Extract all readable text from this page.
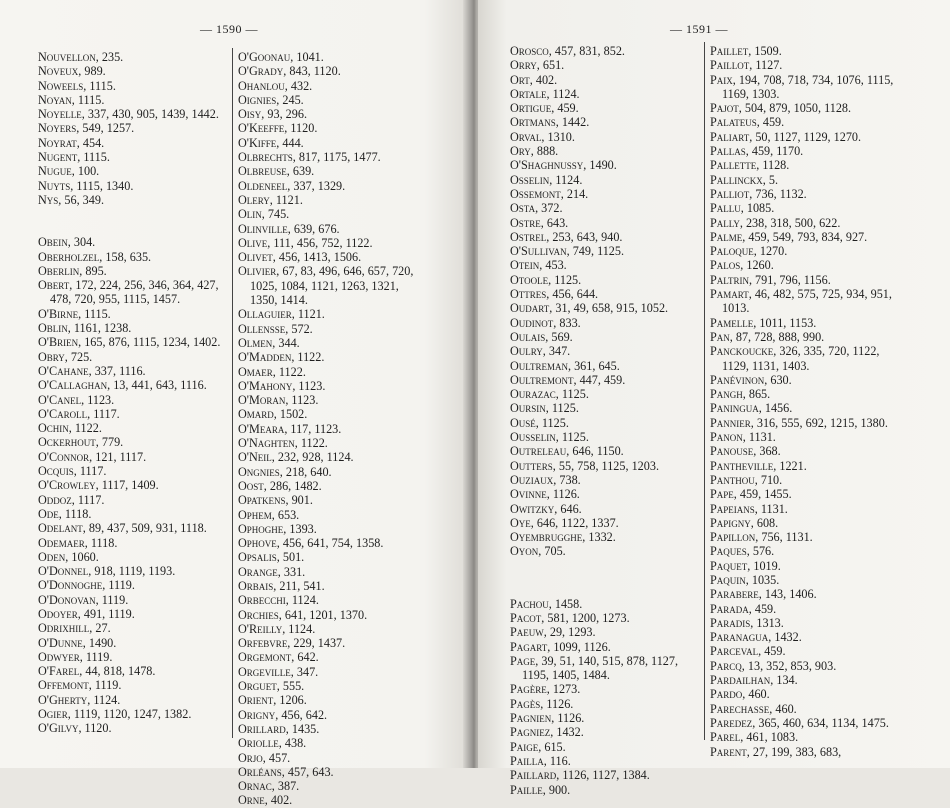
— 1590 —
Nouvellon, 235.
Noveux, 989.
Noweels, 1115.
Noyan, 1115.
Noyelle, 337, 430, 905, 1439, 1442.
Noyers, 549, 1257.
Noyrat, 454.
Nugent, 1115.
Nugue, 100.
Nuyts, 1115, 1340.
Nys, 56, 349.
Obein, 304.
Oberholzel, 158, 635.
Oberlin, 895.
Obert, 172, 224, 256, 346, 364, 427, 478, 720, 955, 1115, 1457.
O'Birne, 1115.
Oblin, 1161, 1238.
O'Brien, 165, 876, 1115, 1234, 1402.
Obry, 725.
O'Cahane, 337, 1116.
O'Callaghan, 13, 441, 643, 1116.
O'Canel, 1123.
O'Caroll, 1117.
Ochin, 1122.
Ockerhout, 779.
O'Connor, 121, 1117.
Ocquis, 1117.
O'Crowley, 1117, 1409.
Oddoz, 1117.
Ode, 1118.
Odelant, 89, 437, 509, 931, 1118.
Odemaer, 1118.
Oden, 1060.
O'Donnel, 918, 1119, 1193.
O'Donnoghe, 1119.
O'Donovan, 1119.
Odoyer, 491, 1119.
Odrixhill, 27.
O'Dunne, 1490.
Odwyer, 1119.
O'Farel, 44, 818, 1478.
Offemont, 1119.
O'Gherty, 1124.
Ogier, 1119, 1120, 1247, 1382.
O'Gilvy, 1120.
O'Goonau, 1041.
O'Grady, 843, 1120.
Ohanlou, 432.
Oignies, 245.
Oisy, 93, 296.
O'Keeffe, 1120.
O'Kiffe, 444.
Olbrechts, 817, 1175, 1477.
Olbreuse, 639.
Oldeneel, 337, 1329.
Olery, 1121.
Olin, 745.
Olinville, 639, 676.
Olive, 111, 456, 752, 1122.
Olivet, 456, 1413, 1506.
Olivier, 67, 83, 496, 646, 657, 720, 1025, 1084, 1121, 1263, 1321, 1350, 1414.
Ollaguier, 1121.
Ollensse, 572.
Olmen, 344.
O'Madden, 1122.
Omaer, 1122.
O'Mahony, 1123.
O'Moran, 1123.
Omard, 1502.
O'Meara, 117, 1123.
O'Naghten, 1122.
O'Neil, 232, 928, 1124.
Ongnies, 218, 640.
Oost, 286, 1482.
Opatkens, 901.
Ophem, 653.
Ophoghe, 1393.
Ophove, 456, 641, 754, 1358.
Opsalis, 501.
Orange, 331.
Orbais, 211, 541.
Orbecchi, 1124.
Orchies, 641, 1201, 1370.
O'Reilly, 1124.
Orfebvre, 229, 1437.
Orgemont, 642.
Orgeville, 347.
Orguet, 555.
Orient, 1206.
Origny, 456, 642.
Orillard, 1435.
Oriolle, 438.
Orjo, 457.
Orléans, 457, 643.
Ornac, 387.
Orne, 402.
— 1591 —
Orosco, 457, 831, 852.
Orry, 651.
Ort, 402.
Ortale, 1124.
Ortigue, 459.
Ortmans, 1442.
Orval, 1310.
Ory, 888.
O'Shaghnussy, 1490.
Osselin, 1124.
Ossemont, 214.
Osta, 372.
Ostre, 643.
Ostrel, 253, 643, 940.
O'Sullivan, 749, 1125.
Otein, 453.
Otoole, 1125.
Ottres, 456, 644.
Oudart, 31, 49, 658, 915, 1052.
Oudinot, 833.
Oulais, 569.
Oulry, 347.
Oultreman, 361, 645.
Oultremont, 447, 459.
Ourazac, 1125.
Oursin, 1125.
Ousé, 1125.
Ousselin, 1125.
Outreleau, 646, 1150.
Outters, 55, 758, 1125, 1203.
Ouziaux, 738.
Ovinne, 1126.
Owitzky, 646.
Oye, 646, 1122, 1337.
Oyembrugghe, 1332.
Oyon, 705.
Pachou, 1458.
Pacot, 581, 1200, 1273.
Paeuw, 29, 1293.
Pagart, 1099, 1126.
Page, 39, 51, 140, 515, 878, 1127, 1195, 1405, 1484.
Pagère, 1273.
Pagès, 1126.
Pagnien, 1126.
Pagniez, 1432.
Paige, 615.
Pailla, 116.
Paillard, 1126, 1127, 1384.
Paille, 900.
Paillet, 1509.
Paillot, 1127.
Paix, 194, 708, 718, 734, 1076, 1115, 1169, 1303.
Pajot, 504, 879, 1050, 1128.
Palateus, 459.
Paliart, 50, 1127, 1129, 1270.
Pallas, 459, 1170.
Pallette, 1128.
Pallinckx, 5.
Palliot, 736, 1132.
Pallu, 1085.
Pally, 238, 318, 500, 622.
Palme, 459, 549, 793, 834, 927.
Paloque, 1270.
Palos, 1260.
Paltrin, 791, 796, 1156.
Pamart, 46, 482, 575, 725, 934, 951, 1013.
Pamelle, 1011, 1153.
Pan, 87, 728, 888, 990.
Panckoucke, 326, 335, 720, 1122, 1129, 1131, 1403.
Panévinon, 630.
Pangh, 865.
Paningua, 1456.
Pannier, 316, 555, 692, 1215, 1380.
Panon, 1131.
Panouse, 368.
Pantheville, 1221.
Panthou, 710.
Pape, 459, 1455.
Papeians, 1131.
Papigny, 608.
Papillon, 756, 1131.
Paques, 576.
Paquet, 1019.
Paquin, 1035.
Parabere, 143, 1406.
Parada, 459.
Paradis, 1313.
Paranagua, 1432.
Parceval, 459.
Parcq, 13, 352, 853, 903.
Pardailhan, 134.
Pardo, 460.
Parechasse, 460.
Paredez, 365, 460, 634, 1134, 1475.
Parel, 461, 1083.
Parent, 27, 199, 383, 683,
